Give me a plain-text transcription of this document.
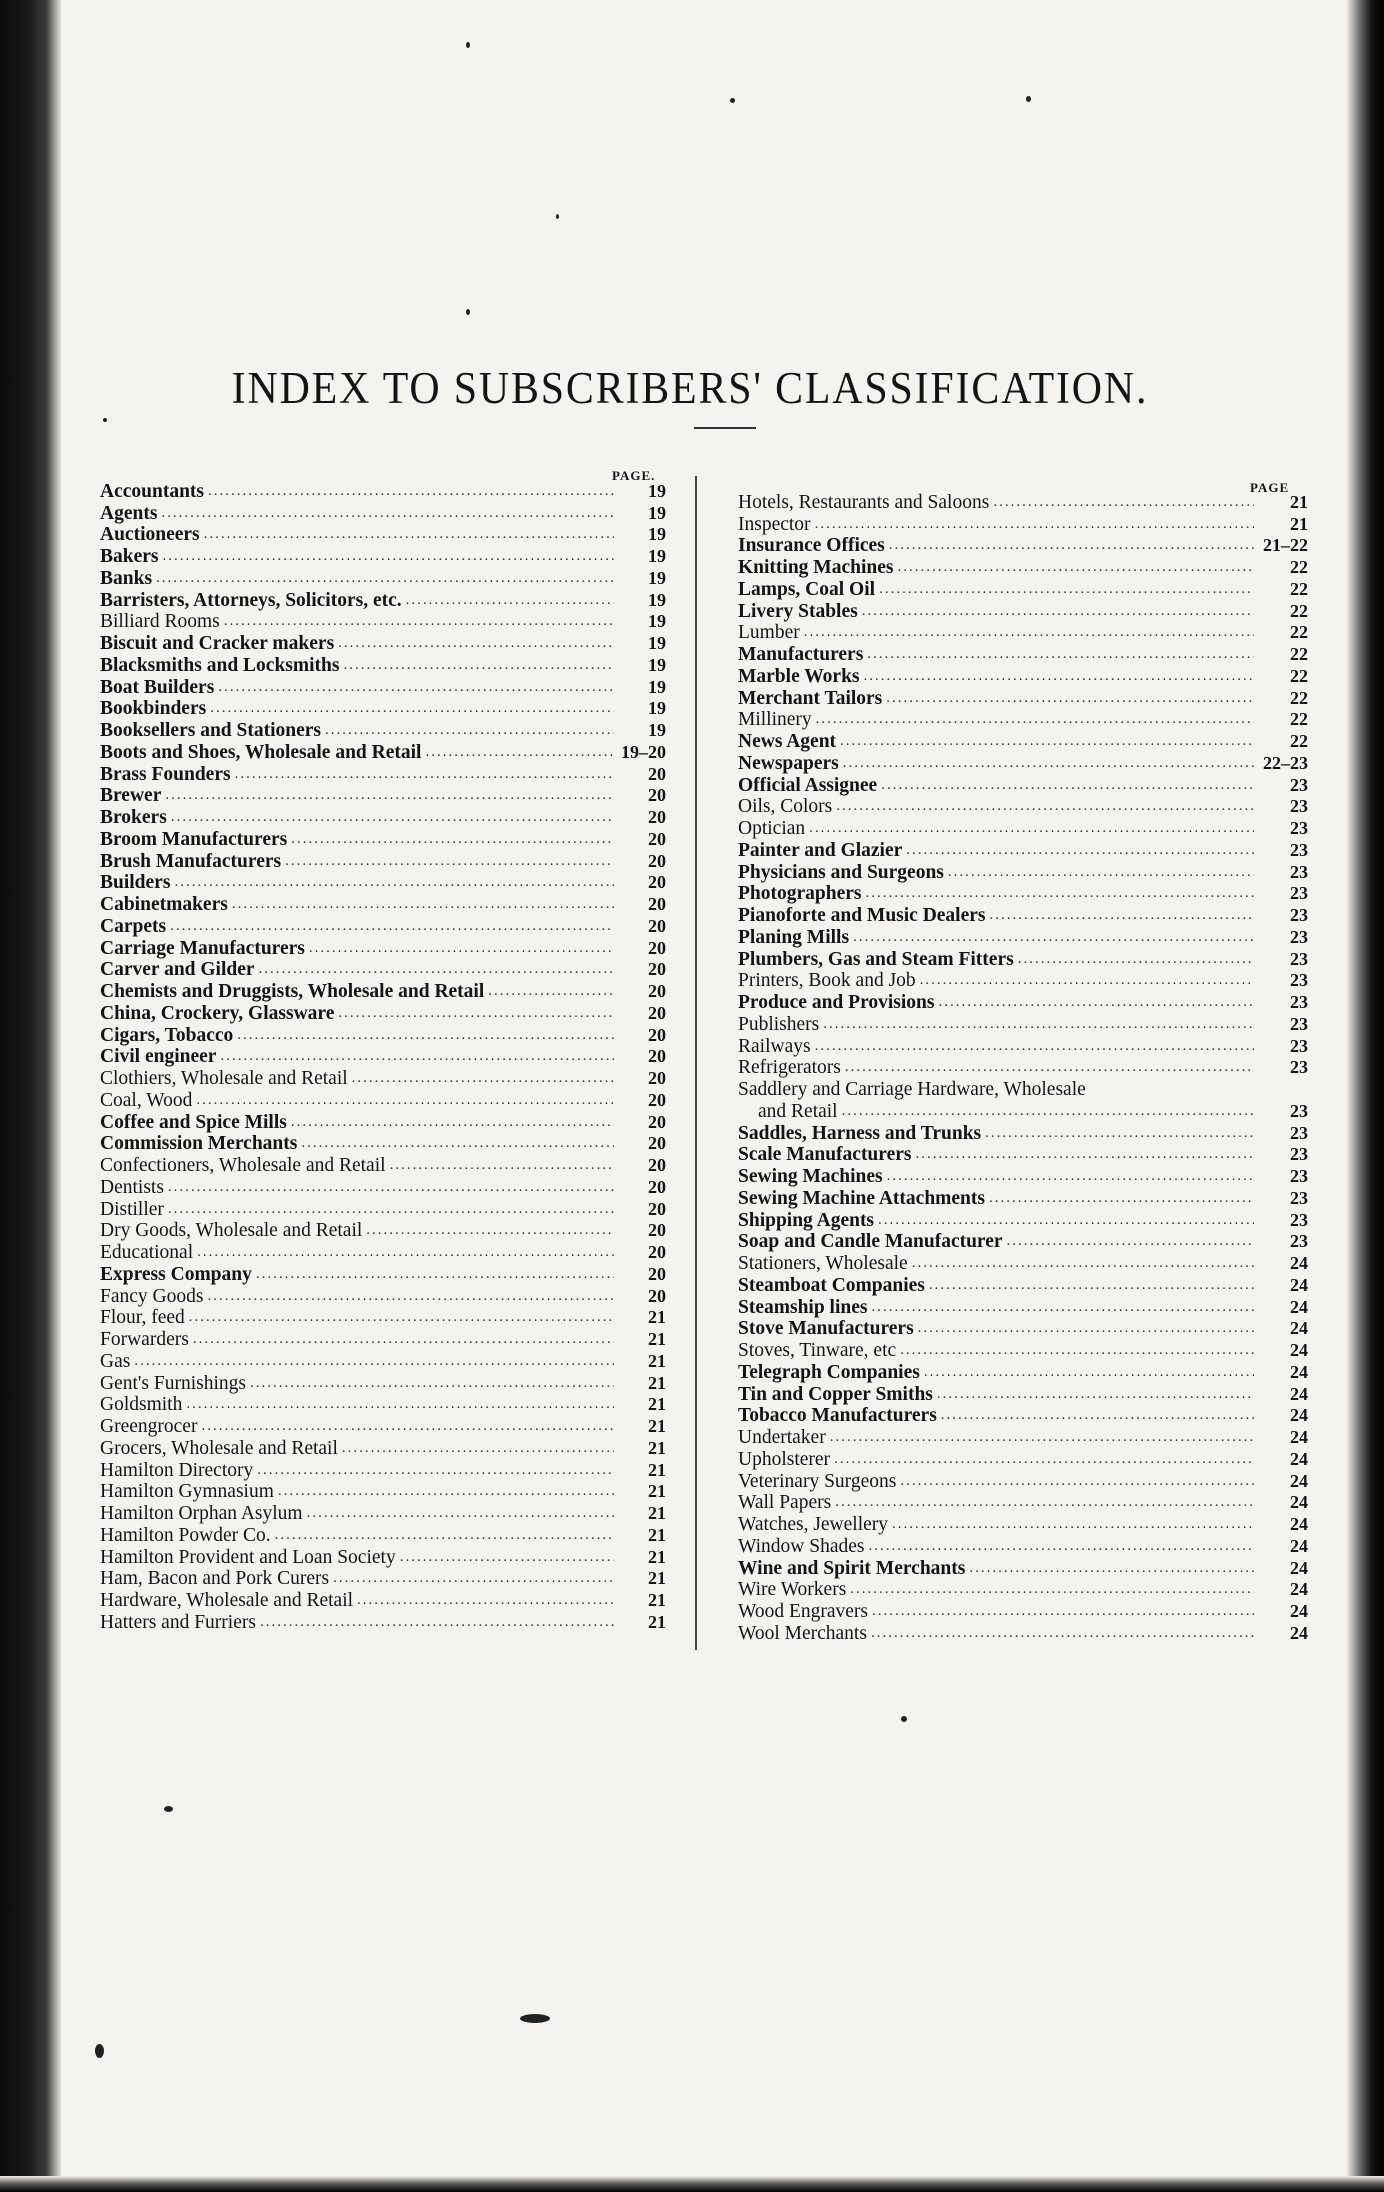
INDEX TO SUBSCRIBERS' CLASSIFICATION.
PAGE.
PAGE
Accountants .....	19
Agents .....	19
Auctioneers .....	19
Bakers .....	19
Banks .....	19
Barristers, Attorneys, Solicitors, etc. .....	19
Billiard Rooms .....	19
Biscuit and Cracker makers .....	19
Blacksmiths and Locksmiths .....	19
Boat Builders .....	19
Bookbinders .....	19
Booksellers and Stationers .....	19
Boots and Shoes, Wholesale and Retail .....	19–20
Brass Founders .....	20
Brewer .....	20
Brokers .....	20
Broom Manufacturers .....	20
Brush Manufacturers .....	20
Builders .....	20
Cabinetmakers .....	20
Carpets .....	20
Carriage Manufacturers .....	20
Carver and Gilder .....	20
Chemists and Druggists, Wholesale and Retail .....	20
China, Crockery, Glassware .....	20
Cigars, Tobacco .....	20
Civil engineer .....	20
Clothiers, Wholesale and Retail .....	20
Coal, Wood .....	20
Coffee and Spice Mills .....	20
Commission Merchants .....	20
Confectioners, Wholesale and Retail .....	20
Dentists .....	20
Distiller .....	20
Dry Goods, Wholesale and Retail .....	20
Educational .....	20
Express Company .....	20
Fancy Goods .....	20
Flour, feed .....	21
Forwarders .....	21
Gas .....	21
Gent's Furnishings .....	21
Goldsmith .....	21
Greengrocer .....	21
Grocers, Wholesale and Retail .....	21
Hamilton Directory .....	21
Hamilton Gymnasium .....	21
Hamilton Orphan Asylum .....	21
Hamilton Powder Co. .....	21
Hamilton Provident and Loan Society .....	21
Ham, Bacon and Pork Curers .....	21
Hardware, Wholesale and Retail .....	21
Hatters and Furriers .....	21
Hotels, Restaurants and Saloons .....	21
Inspector .....	21
Insurance Offices .....	21–22
Knitting Machines .....	22
Lamps, Coal Oil .....	22
Livery Stables .....	22
Lumber .....	22
Manufacturers .....	22
Marble Works .....	22
Merchant Tailors .....	22
Millinery .....	22
News Agent .....	22
Newspapers .....	22–23
Official Assignee .....	23
Oils, Colors .....	23
Optician .....	23
Painter and Glazier .....	23
Physicians and Surgeons .....	23
Photographers .....	23
Pianoforte and Music Dealers .....	23
Planing Mills .....	23
Plumbers, Gas and Steam Fitters .....	23
Printers, Book and Job .....	23
Produce and Provisions .....	23
Publishers .....	23
Railways .....	23
Refrigerators .....	23
Saddlery and Carriage Hardware, Wholesale
and Retail .....	23
Saddles, Harness and Trunks .....	23
Scale Manufacturers .....	23
Sewing Machines .....	23
Sewing Machine Attachments .....	23
Shipping Agents .....	23
Soap and Candle Manufacturer .....	23
Stationers, Wholesale .....	24
Steamboat Companies .....	24
Steamship lines .....	24
Stove Manufacturers .....	24
Stoves, Tinware, etc .....	24
Telegraph Companies .....	24
Tin and Copper Smiths .....	24
Tobacco Manufacturers .....	24
Undertaker .....	24
Upholsterer .....	24
Veterinary Surgeons .....	24
Wall Papers .....	24
Watches, Jewellery .....	24
Window Shades .....	24
Wine and Spirit Merchants .....	24
Wire Workers .....	24
Wood Engravers .....	24
Wool Merchants .....	24
